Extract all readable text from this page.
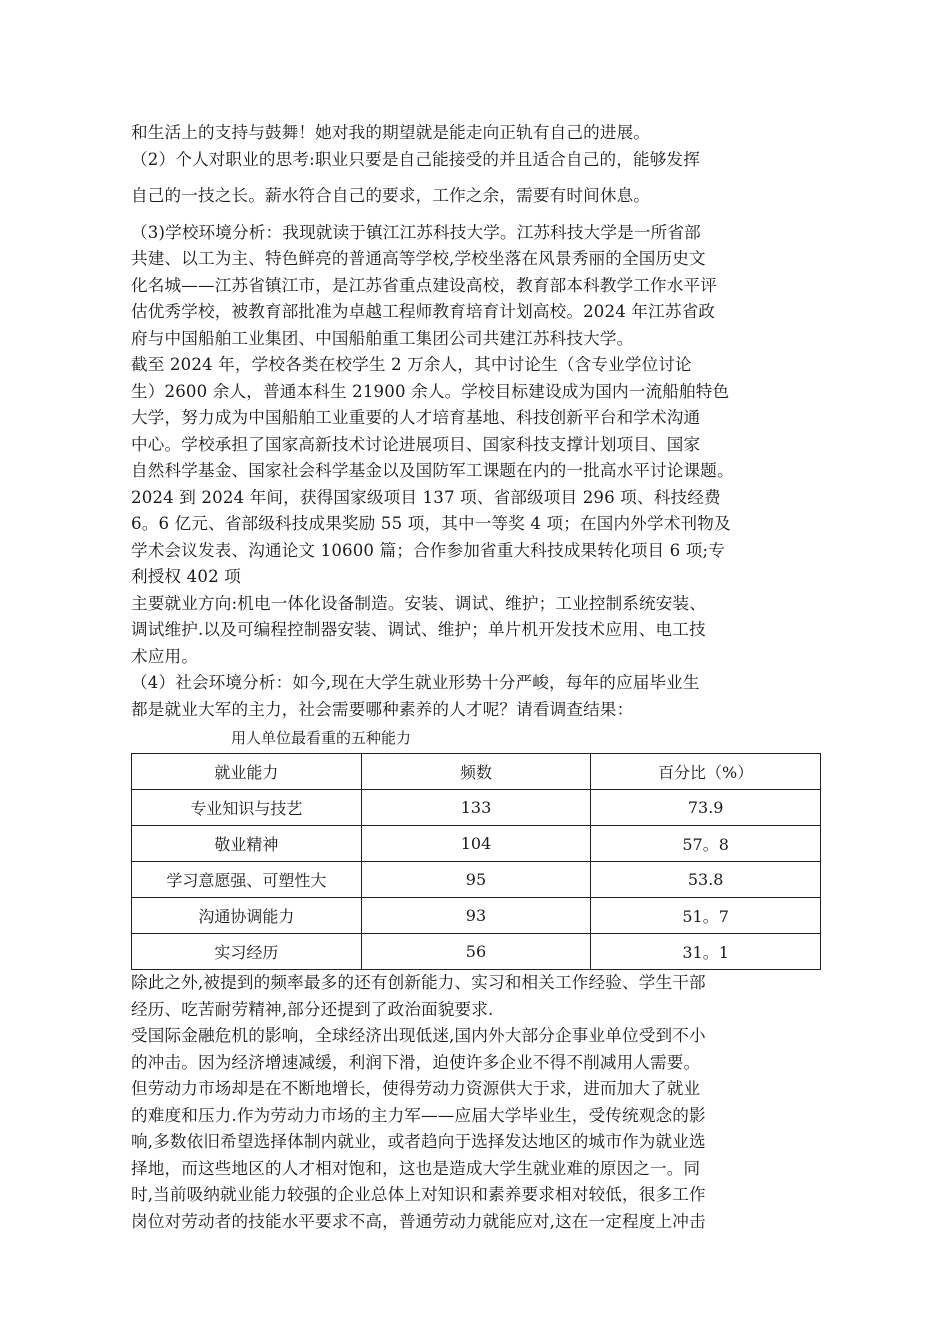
和生活上的支持与鼓舞！她对我的期望就是能走向正轨有自己的进展。

（2）个人对职业的思考:职业只要是自己能接受的并且适合自己的，能够发挥

自己的一技之长。薪水符合自己的要求，工作之余，需要有时间休息。

（3)学校环境分析：我现就读于镇江江苏科技大学。江苏科技大学是一所省部

共建、以工为主、特色鲜亮的普通高等学校,学校坐落在风景秀丽的全国历史文

化名城——江苏省镇江市，是江苏省重点建设高校，教育部本科教学工作水平评

估优秀学校，被教育部批准为卓越工程师教育培育计划高校。2024 年江苏省政

府与中国船舶工业集团、中国船舶重工集团公司共建江苏科技大学。

截至 2024 年，学校各类在校学生 2 万余人，其中讨论生（含专业学位讨论

生）2600 余人，普通本科生 21900 余人。学校目标建设成为国内一流船舶特色

大学，努力成为中国船舶工业重要的人才培育基地、科技创新平台和学术沟通

中心。学校承担了国家高新技术讨论进展项目、国家科技支撑计划项目、国家

自然科学基金、国家社会科学基金以及国防军工课题在内的一批高水平讨论课题。

2024 到 2024 年间，获得国家级项目 137 项、省部级项目 296 项、科技经费

6。6 亿元、省部级科技成果奖励 55 项，其中一等奖 4 项；在国内外学术刊物及

学术会议发表、沟通论文 10600 篇；合作参加省重大科技成果转化项目 6 项;专

利授权 402 项

主要就业方向:机电一体化设备制造。安装、调试、维护；工业控制系统安装、

调试维护.以及可编程控制器安装、调试、维护；单片机开发技术应用、电工技

术应用。

（4）社会环境分析：如今,现在大学生就业形势十分严峻，每年的应届毕业生

都是就业大军的主力，社会需要哪种素养的人才呢？请看调查结果：

用人单位最看重的五种能力
就业能力	频数	百分比（%）
专业知识与技艺	133	73.9
敬业精神	104	57。8
学习意愿强、可塑性大	95	53.8
沟通协调能力	93	51。7
实习经历	56	31。1

除此之外,被提到的频率最多的还有创新能力、实习和相关工作经验、学生干部

经历、吃苦耐劳精神,部分还提到了政治面貌要求.

受国际金融危机的影响，全球经济出现低迷,国内外大部分企事业单位受到不小

的冲击。因为经济增速减缓，利润下滑，迫使许多企业不得不削减用人需要。

但劳动力市场却是在不断地增长，使得劳动力资源供大于求，进而加大了就业

的难度和压力.作为劳动力市场的主力军——应届大学毕业生，受传统观念的影

响,多数依旧希望选择体制内就业，或者趋向于选择发达地区的城市作为就业选

择地，而这些地区的人才相对饱和，这也是造成大学生就业难的原因之一。同

时,当前吸纳就业能力较强的企业总体上对知识和素养要求相对较低，很多工作

岗位对劳动者的技能水平要求不高，普通劳动力就能应对,这在一定程度上冲击
